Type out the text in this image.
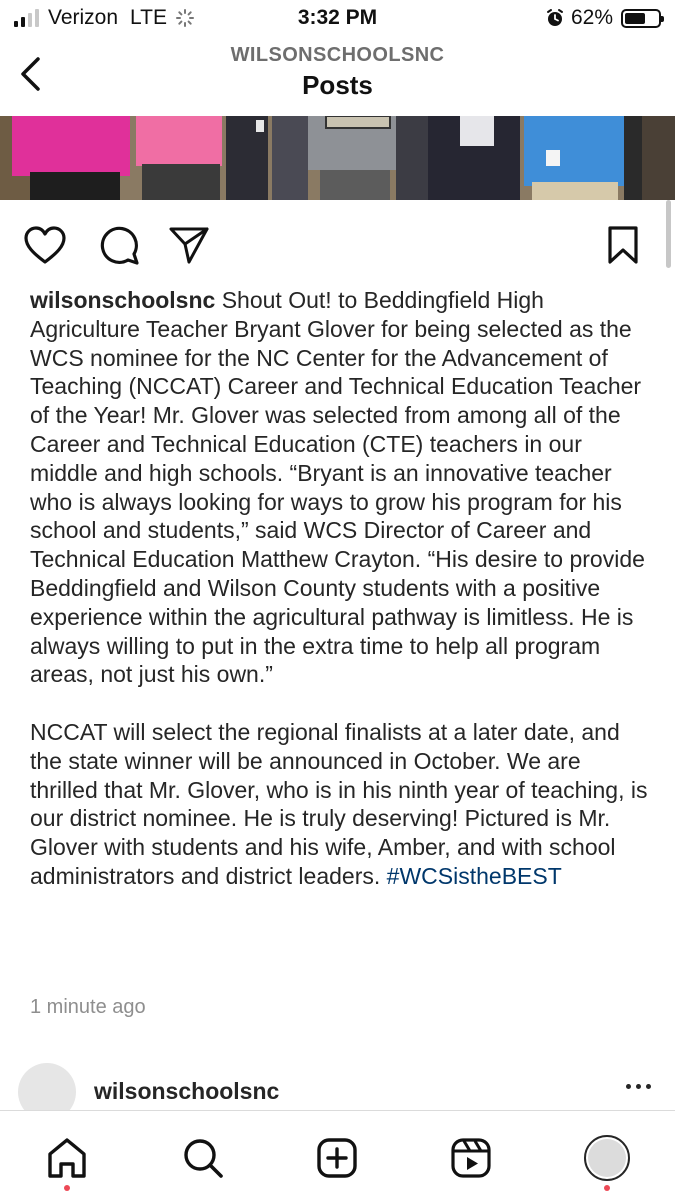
Verizon LTE	3:32 PM	62%
WILSONSCHOOLSNC
Posts
wilsonschoolsnc Shout Out! to Beddingfield High Agriculture Teacher Bryant Glover for being selected as the WCS nominee for the NC Center for the Advancement of Teaching (NCCAT) Career and Technical Education Teacher of the Year! Mr. Glover was selected from among all of the Career and Technical Education (CTE) teachers in our middle and high schools. “Bryant is an innovative teacher who is always looking for ways to grow his program for his school and students,” said WCS Director of Career and Technical Education Matthew Crayton. “His desire to provide Beddingfield and Wilson County students with a positive experience within the agricultural pathway is limitless. He is always willing to put in the extra time to help all program areas, not just his own.”
NCCAT will select the regional finalists at a later date, and the state winner will be announced in October. We are thrilled that Mr. Glover, who is in his ninth year of teaching, is our district nominee. He is truly deserving! Pictured is Mr. Glover with students and his wife, Amber, and with school administrators and district leaders. #WCSistheBEST
1 minute ago
wilsonschoolsnc
